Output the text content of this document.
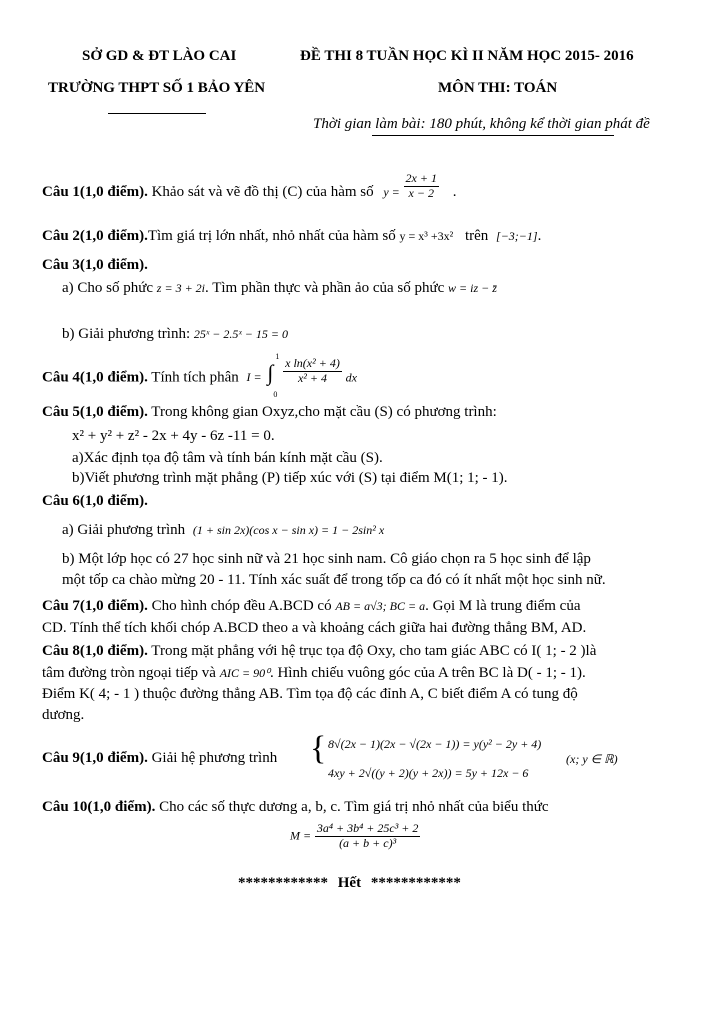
SỞ GD & ĐT LÀO CAI	ĐỀ THI 8 TUẦN HỌC KÌ II NĂM HỌC 2015- 2016
TRƯỜNG THPT SỐ 1 BẢO YÊN	MÔN THI: TOÁN
Thời gian làm bài: 180 phút, không kể thời gian phát đề
Câu 1(1,0 điểm). Khảo sát và vẽ đồ thị (C) của hàm số $y = \frac{2x + 1}{x - 2}$ .
Câu 2(1,0 điểm).Tìm giá trị lớn nhất, nhỏ nhất của hàm số y = x³ +3x² trên [−3;−1].
Câu 3(1,0 điểm).
a) Cho số phức z = 3 + 2i. Tìm phần thực và phần ảo của số phức w = iz − z̄
b) Giải phương trình: 25ˣ − 2.5ˣ − 15 = 0
Câu 4(1,0 điểm). Tính tích phân I = ∫
1
0

$\frac{\text{x ln(x² + 4)}}{\text{x² + 4}}$ dx
Câu 5(1,0 điểm). Trong không gian Oxyz,cho mặt cầu (S) có phương trình:
x² + y² + z² - 2x + 4y - 6z -11 = 0.
a)Xác định tọa độ tâm và tính bán kính mặt cầu (S).
b)Viết phương trình mặt phẳng (P) tiếp xúc với (S) tại điểm M(1; 1; - 1).
Câu 6(1,0 điểm).
a) Giải phương trình (1 + sin 2x)(cos x − sin x) = 1 − 2sin² x
b) Một lớp học có 27 học sinh nữ và 21 học sinh nam. Cô giáo chọn ra 5 học sinh để lập
một tốp ca chào mừng 20 - 11. Tính xác suất để trong tốp ca đó có ít nhất một học sinh nữ.
Câu 7(1,0 điểm). Cho hình chóp đều A.BCD có AB = a√3; BC = a. Gọi M là trung điểm của
CD. Tính thể tích khối chóp A.BCD theo a và khoảng cách giữa hai đường thẳng BM, AD.
Câu 8(1,0 điểm). Trong mặt phẳng với hệ trục tọa độ Oxy, cho tam giác ABC có I( 1; - 2 )là
tâm đường tròn ngoại tiếp và AIC = 90⁰. Hình chiếu vuông góc của A trên BC là D( - 1; - 1).
Điểm K( 4; - 1 ) thuộc đường thẳng AB. Tìm tọa độ các đỉnh A, C biết điểm A có tung độ
dương.
Câu 9(1,0 điểm). Giải hệ phương trình { 8√(2x − 1)(2x − √(2x − 1)) = y(y² − 2y + 4)
4xy + 2√((y + 2)(y + 2x)) = 5y + 12x − 6
(x; y ∈ ℝ)
Câu 10(1,0 điểm). Cho các số thực dương a, b, c. Tìm giá trị nhỏ nhất của biểu thức
$M = \frac{\text{3a⁴ + 3b⁴ + 25c³ + 2}}{\text{(a + b + c)³}}$
************ Hết ************
